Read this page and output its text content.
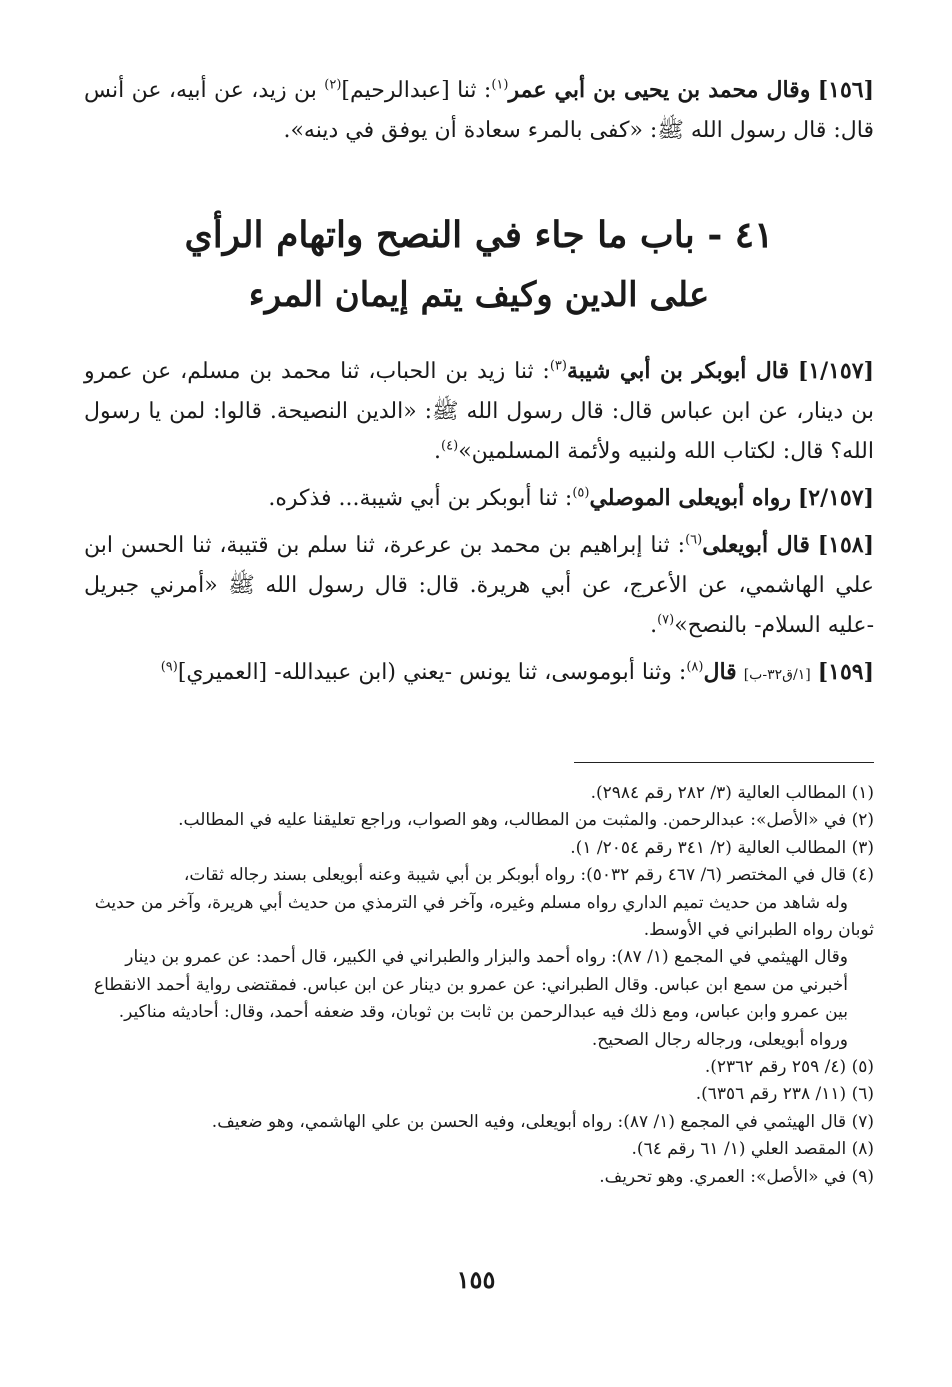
[١٥٦] وقال محمد بن يحيى بن أبي عمر$^{(١)}$: ثنا [عبدالرحيم]$^{(٢)}$ بن زيد، عن أبيه، عن أنس قال: قال رسول الله ﷺ: «كفى بالمرء سعادة أن يوفق في دينه».

٤١ - باب ما جاء في النصح واتهام الرأي
على الدين وكيف يتم إيمان المرء

[١/١٥٧] قال أبوبكر بن أبي شيبة$^{(٣)}$: ثنا زيد بن الحباب، ثنا محمد بن مسلم، عن عمرو بن دينار، عن ابن عباس قال: قال رسول الله ﷺ: «الدين النصيحة. قالوا: لمن يا رسول الله؟ قال: لكتاب الله ولنبيه ولأئمة المسلمين»$^{(٤)}$.

[٢/١٥٧] رواه أبويعلى الموصلي$^{(٥)}$: ثنا أبوبكر بن أبي شيبة... فذكره.

[١٥٨] قال أبويعلى$^{(٦)}$: ثنا إبراهيم بن محمد بن عرعرة، ثنا سلم بن قتيبة، ثنا الحسن ابن علي الهاشمي، عن الأعرج، عن أبي هريرة. قال: قال رسول الله ﷺ «أمرني جبريل -عليه السلام- بالنصح»$^{(٧)}$.

[١٥٩] [١/ق٣٢-ب] قال$^{(٨)}$: وثنا أبوموسى، ثنا يونس -يعني (ابن عبيدالله- [العميري]$^{(٩)}$

(١) المطالب العالية (٣/ ٢٨٢ رقم ٢٩٨٤).

(٢) في «الأصل»: عبدالرحمن. والمثبت من المطالب، وهو الصواب، وراجع تعليقنا عليه في المطالب.

(٣) المطالب العالية (٢/ ٣٤١ رقم ٢٠٥٤/ ١).

(٤) قال في المختصر (٦/ ٤٦٧ رقم ٥٠٣٢): رواه أبوبكر بن أبي شيبة وعنه أبويعلى بسند رجاله ثقات،
وله شاهد من حديث تميم الداري رواه مسلم وغيره، وآخر في الترمذي من حديث أبي هريرة، وآخر من حديث ثوبان رواه الطبراني في الأوسط.

وقال الهيثمي في المجمع (١/ ٨٧): رواه أحمد والبزار والطبراني في الكبير، قال أحمد: عن عمرو بن دينار أخبرني من سمع ابن عباس. وقال الطبراني: عن عمرو بن دينار عن ابن عباس. فمقتضى رواية أحمد الانقطاع بين عمرو وابن عباس، ومع ذلك فيه عبدالرحمن بن ثابت بن ثوبان، وقد ضعفه أحمد، وقال: أحاديثه مناكير. ورواه أبويعلى، ورجاله رجال الصحيح.

(٥) (٤/ ٢٥٩ رقم ٢٣٦٢).

(٦) (١١/ ٢٣٨ رقم ٦٣٥٦).

(٧) قال الهيثمي في المجمع (١/ ٨٧): رواه أبويعلى، وفيه الحسن بن علي الهاشمي، وهو ضعيف.

(٨) المقصد العلي (١/ ٦١ رقم ٦٤).

(٩) في «الأصل»: العمري. وهو تحريف.

١٥٥
